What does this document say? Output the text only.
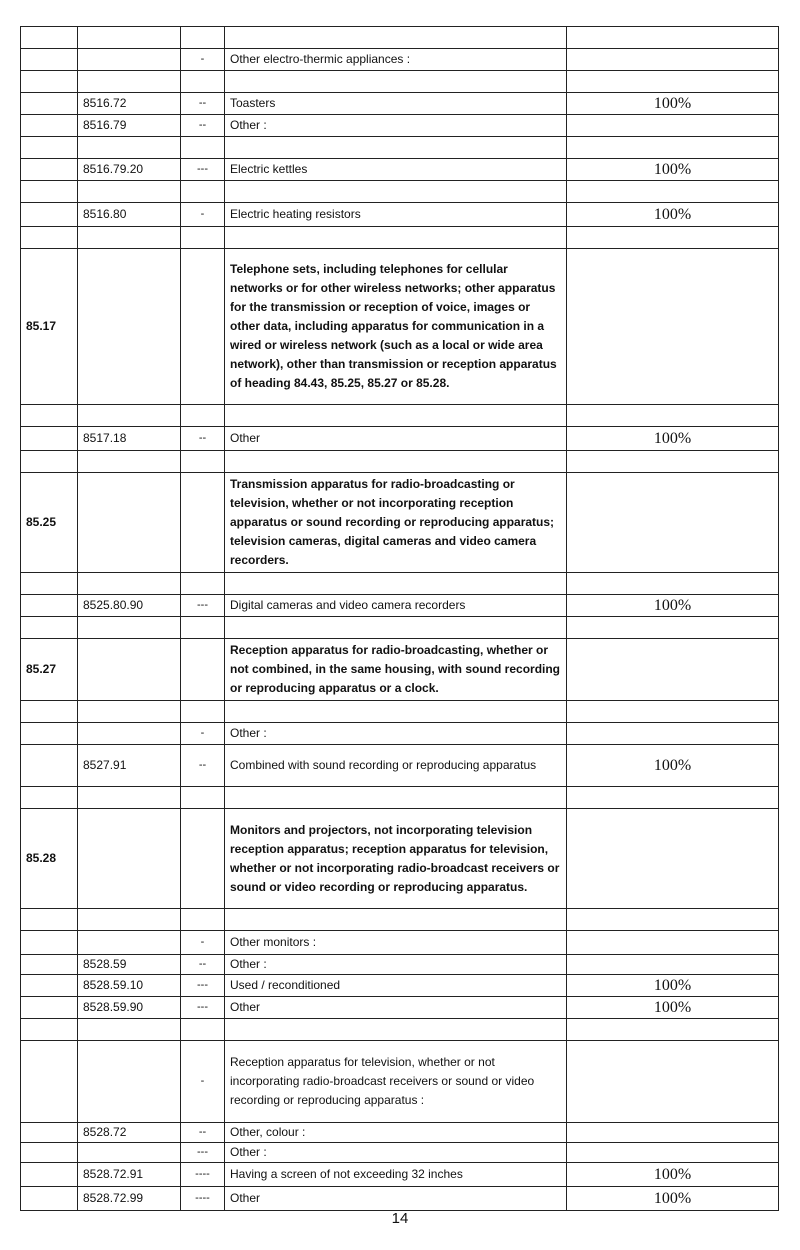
		-	Other electro-thermic appliances :	

	8516.72	--	Toasters	100%
	8516.79	--	Other :	

	8516.79.20	---	Electric kettles	100%

	8516.80	-	Electric heating resistors	100%

85.17			Telephone sets, including telephones for cellular networks or for other wireless networks; other apparatus for the transmission or reception of voice, images or other data, including apparatus for communication in a wired or wireless network (such as a local or wide area network), other than transmission or reception apparatus of heading 84.43, 85.25, 85.27 or 85.28.	

	8517.18	--	Other	100%

85.25			Transmission apparatus for radio-broadcasting or television, whether or not incorporating reception apparatus or sound recording or reproducing apparatus; television cameras, digital cameras and video camera recorders.	

	8525.80.90	---	Digital cameras and video camera recorders	100%

85.27			Reception apparatus for radio-broadcasting, whether or not combined, in the same housing, with sound recording or reproducing apparatus or a clock.	

		-	Other :	
	8527.91	--	Combined with sound recording or reproducing apparatus	100%

85.28			Monitors and projectors, not incorporating television reception apparatus; reception apparatus for television, whether or not incorporating radio-broadcast receivers or sound or video recording or reproducing apparatus.	

		-	Other monitors :	
	8528.59	--	Other :	
	8528.59.10	---	Used / reconditioned	100%
	8528.59.90	---	Other	100%

		-	Reception apparatus for television, whether or not incorporating radio-broadcast receivers or sound or video recording or reproducing apparatus :	
	8528.72	--	Other, colour :	
		---	Other :	
	8528.72.91	----	Having a screen of not exceeding 32 inches	100%
	8528.72.99	----	Other	100%
14
